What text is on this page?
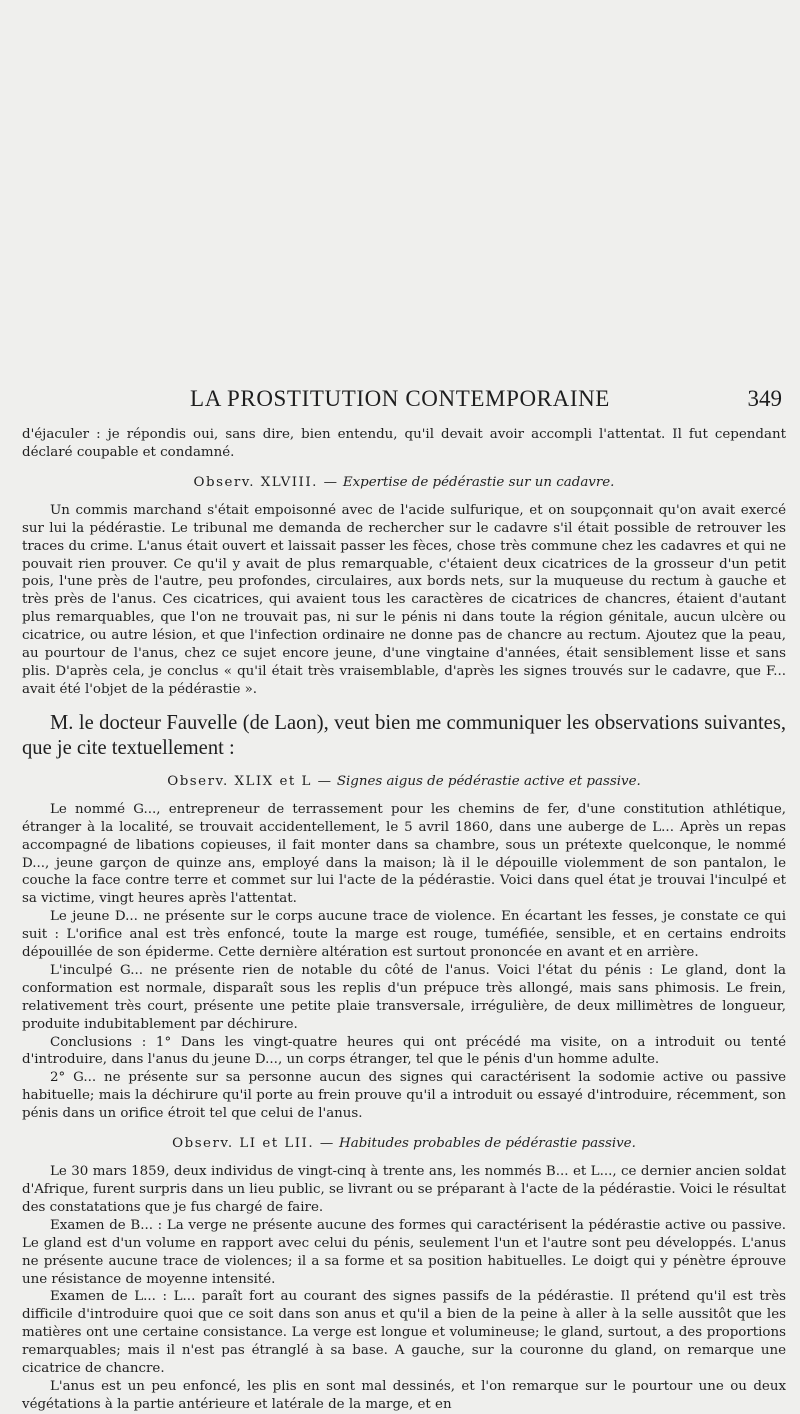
LA PROSTITUTION CONTEMPORAINE	349

d'éjaculer : je répondis oui, sans dire, bien entendu, qu'il devait avoir accompli l'attentat. Il fut cependant déclaré coupable et condamné.

Observ. XLVIII. — Expertise de pédérastie sur un cadavre.

Un commis marchand s'était empoisonné avec de l'acide sulfurique, et on soupçonnait qu'on avait exercé sur lui la pédérastie. Le tribunal me demanda de rechercher sur le cadavre s'il était possible de retrouver les traces du crime. L'anus était ouvert et laissait passer les fèces, chose très commune chez les cadavres et qui ne pouvait rien prouver. Ce qu'il y avait de plus remarquable, c'étaient deux cicatrices de la grosseur d'un petit pois, l'une près de l'autre, peu profondes, circulaires, aux bords nets, sur la muqueuse du rectum à gauche et très près de l'anus. Ces cicatrices, qui avaient tous les caractères de cicatrices de chancres, étaient d'autant plus remarquables, que l'on ne trouvait pas, ni sur le pénis ni dans toute la région génitale, aucun ulcère ou cicatrice, ou autre lésion, et que l'infection ordinaire ne donne pas de chancre au rectum. Ajoutez que la peau, au pourtour de l'anus, chez ce sujet encore jeune, d'une vingtaine d'années, était sensiblement lisse et sans plis. D'après cela, je conclus « qu'il était très vraisemblable, d'après les signes trouvés sur le cadavre, que F... avait été l'objet de la pédérastie ».

M. le docteur Fauvelle (de Laon), veut bien me communiquer les observations suivantes, que je cite textuellement :

Observ. XLIX et L — Signes aigus de pédérastie active et passive.

Le nommé G..., entrepreneur de terrassement pour les chemins de fer, d'une constitution athlétique, étranger à la localité, se trouvait accidentellement, le 5 avril 1860, dans une auberge de L... Après un repas accompagné de libations copieuses, il fait monter dans sa chambre, sous un prétexte quelconque, le nommé D..., jeune garçon de quinze ans, employé dans la maison; là il le dépouille violemment de son pantalon, le couche la face contre terre et commet sur lui l'acte de la pédérastie. Voici dans quel état je trouvai l'inculpé et sa victime, vingt heures après l'attentat.

Le jeune D... ne présente sur le corps aucune trace de violence. En écartant les fesses, je constate ce qui suit : L'orifice anal est très enfoncé, toute la marge est rouge, tuméfiée, sensible, et en certains endroits dépouillée de son épiderme. Cette dernière altération est surtout prononcée en avant et en arrière.

L'inculpé G... ne présente rien de notable du côté de l'anus. Voici l'état du pénis : Le gland, dont la conformation est normale, disparaît sous les replis d'un prépuce très allongé, mais sans phimosis. Le frein, relativement très court, présente une petite plaie transversale, irrégulière, de deux millimètres de longueur, produite indubitablement par déchirure.

Conclusions : 1° Dans les vingt-quatre heures qui ont précédé ma visite, on a introduit ou tenté d'introduire, dans l'anus du jeune D..., un corps étranger, tel que le pénis d'un homme adulte.

2° G... ne présente sur sa personne aucun des signes qui caractérisent la sodomie active ou passive habituelle; mais la déchirure qu'il porte au frein prouve qu'il a introduit ou essayé d'introduire, récemment, son pénis dans un orifice étroit tel que celui de l'anus.

Observ. LI et LII. — Habitudes probables de pédérastie passive.

Le 30 mars 1859, deux individus de vingt-cinq à trente ans, les nommés B... et L..., ce dernier ancien soldat d'Afrique, furent surpris dans un lieu public, se livrant ou se préparant à l'acte de la pédérastie. Voici le résultat des constatations que je fus chargé de faire.

Examen de B... : La verge ne présente aucune des formes qui caractérisent la pédérastie active ou passive. Le gland est d'un volume en rapport avec celui du pénis, seulement l'un et l'autre sont peu développés. L'anus ne présente aucune trace de violences; il a sa forme et sa position habituelles. Le doigt qui y pénètre éprouve une résistance de moyenne intensité.

Examen de L... : L... paraît fort au courant des signes passifs de la pédérastie. Il prétend qu'il est très difficile d'introduire quoi que ce soit dans son anus et qu'il a bien de la peine à aller à la selle aussitôt que les matières ont une certaine consistance. La verge est longue et volumineuse; le gland, surtout, a des proportions remarquables; mais il n'est pas étranglé à sa base. A gauche, sur la couronne du gland, on remarque une cicatrice de chancre.

L'anus est un peu enfoncé, les plis en sont mal dessinés, et l'on remarque sur le pourtour une ou deux végétations à la partie antérieure et latérale de la marge, et en
